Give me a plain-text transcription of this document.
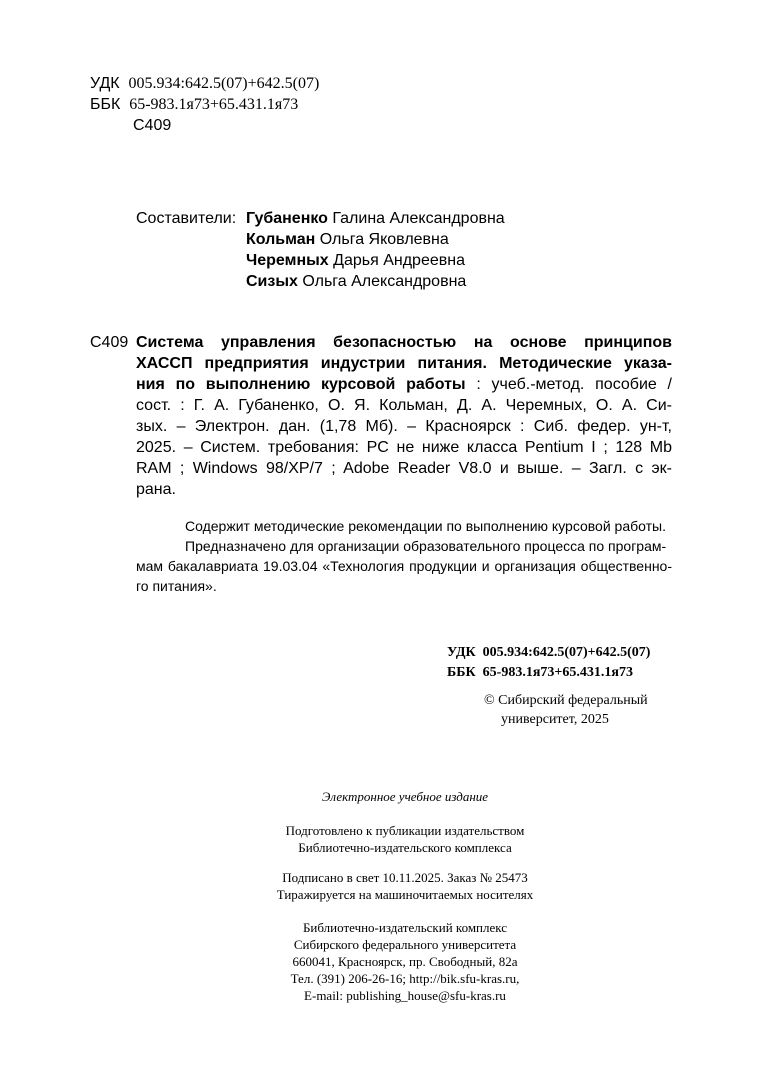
УДК 005.934:642.5(07)+642.5(07)
ББК 65-983.1я73+65.431.1я73
С409
Составители: Губаненко Галина Александровна
Кольман Ольга Яковлевна
Черемных Дарья Андреевна
Сизых Ольга Александровна
С409 Система управления безопасностью на основе принципов
ХАССП предприятия индустрии питания. Методические указа-
ния по выполнению курсовой работы : учеб.-метод. пособие /
сост. : Г. А. Губаненко, О. Я. Кольман, Д. А. Черемных, О. А. Си-
зых. – Электрон. дан. (1,78 Мб). – Красноярск : Сиб. федер. ун-т,
2025. – Систем. требования: PC не ниже класса Pentium I ; 128 Mb
RAM ; Windows 98/XP/7 ; Adobe Reader V8.0 и выше. – Загл. с эк-
рана.
Содержит методические рекомендации по выполнению курсовой работы.
Предназначено для организации образовательного процесса по програм-
мам бакалавриата 19.03.04 «Технология продукции и организация общественно-
го питания».
УДК 005.934:642.5(07)+642.5(07)
ББК 65-983.1я73+65.431.1я73
© Сибирский федеральный
университет, 2025
Электронное учебное издание
Подготовлено к публикации издательством
Библиотечно-издательского комплекса
Подписано в свет 10.11.2025. Заказ № 25473
Тиражируется на машиночитаемых носителях
Библиотечно-издательский комплекс
Сибирского федерального университета
660041, Красноярск, пр. Свободный, 82а
Тел. (391) 206-26-16; http://bik.sfu-kras.ru,
E-mail: publishing_house@sfu-kras.ru
